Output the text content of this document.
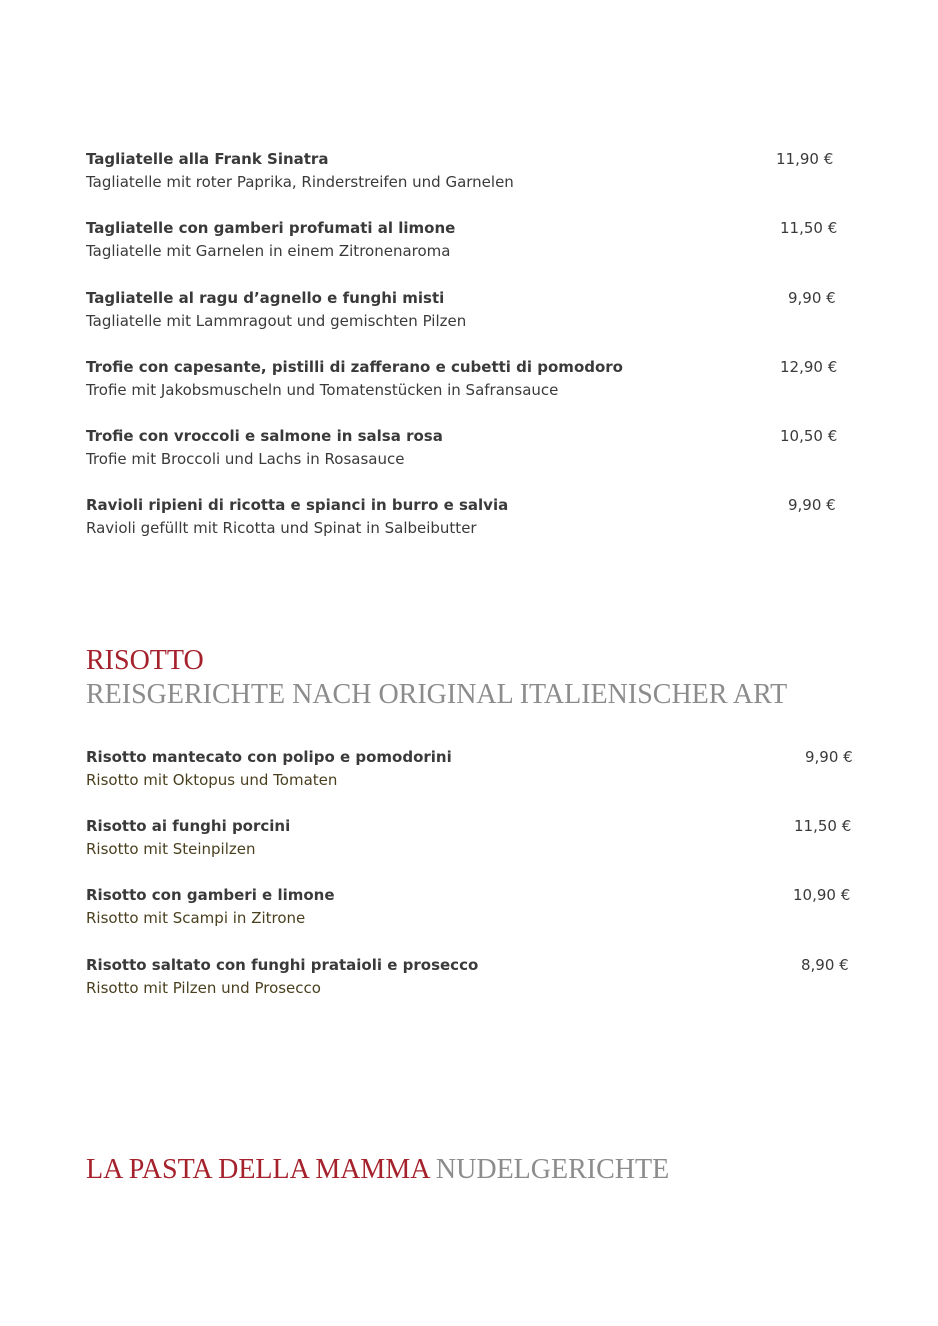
Tagliatelle alla Frank Sinatra
Tagliatelle mit roter Paprika, Rinderstreifen und Garnelen
11,90 €
Tagliatelle con gamberi profumati al limone
Tagliatelle mit Garnelen in einem Zitronenaroma
11,50 €
Tagliatelle al ragu d’agnello e funghi misti
Tagliatelle mit Lammragout und gemischten Pilzen
9,90 €
Trofie con capesante, pistilli di zafferano e cubetti di pomodoro
Trofie mit Jakobsmuscheln und Tomatenstücken in Safransauce
12,90 €
Trofie con vroccoli e salmone in salsa rosa
Trofie mit Broccoli und Lachs in Rosasauce
10,50 €
Ravioli ripieni di ricotta e spianci in burro e salvia
Ravioli gefüllt mit Ricotta und Spinat in Salbeibutter
9,90 €
RISOTTO
REISGERICHTE NACH ORIGINAL ITALIENISCHER ART
Risotto mantecato con polipo e pomodorini
Risotto mit Oktopus und Tomaten
9,90 €
Risotto ai funghi porcini
Risotto mit Steinpilzen
11,50 €
Risotto con gamberi e limone
Risotto mit Scampi in Zitrone
10,90 €
Risotto saltato con funghi prataioli e prosecco
Risotto mit Pilzen und Prosecco
8,90 €
LA PASTA DELLA MAMMA NUDELGERICHTE
